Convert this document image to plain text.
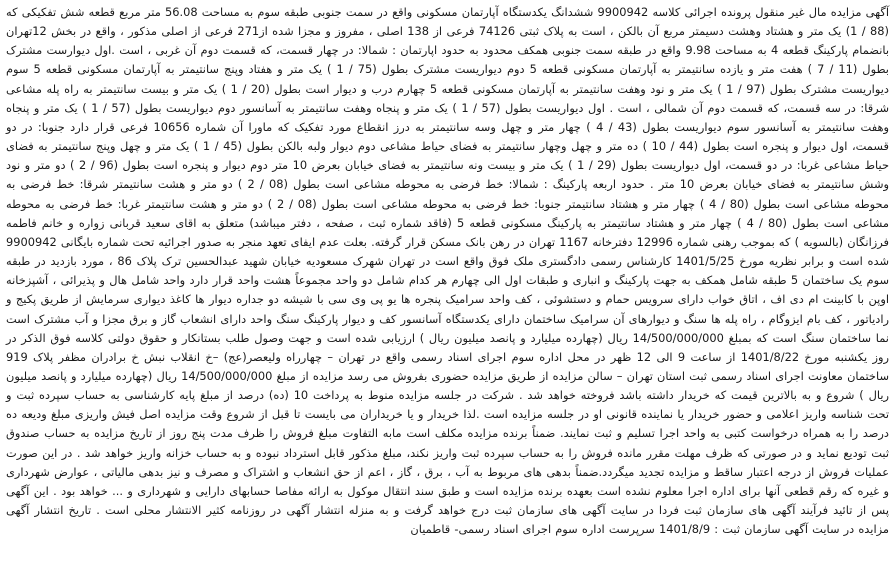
آگهی مزایده مال غیر منقول پرونده اجرائی کلاسه 9900942 ششدانگ یکدستگاه آپارتمان مسکونی واقع در سمت جنوبی طبقه سوم به مساحت 56.08 متر مربع قطعه شش تفکیکی که (88 / 1) یک متر و هشتاد وهشت دسیمتر مربع آن بالکن ، است به پلاک ثبتی 74126 فرعی از 138 اصلی ، مفروز و مجزا شده از271 فرعی از اصلی مذکور ، واقع در بخش 12تهران بانضمام پارکینگ قطعه 4 به مساحت 9.98 واقع در طبقه سمت جنوبی همکف محدود به حدود اپارتمان : شمالا: در چهار قسمت، که قسمت دوم آن غربی ، است .اول دیوارست مشترک بطول (11 / 7 ) هفت متر و یازده سانتیمتر به آپارتمان مسکونی قطعه 5 دوم دیواریست مشترک بطول (75 / 1 ) یک متر و هفتاد وپنج سانتیمتر به آپارتمان مسکونی قطعه 5 سوم دیواریست مشترک بطول (97 / 1 ) یک متر و نود وهفت سانتیمتر به آپارتمان مسکونی قطعه 5 چهارم درب و دیوار است بطول (20 / 1 ) یک متر و بیست سانتیمتر به راه پله مشاعی شرقا: در سه قسمت، که قسمت دوم آن شمالی ، است . اول دیواریست بطول (57 / 1 ) یک متر و پنجاه وهفت سانتیمتر به آسانسور دوم دیواریست بطول (57 / 1 ) یک متر و پنجاه وهفت سانتیمتر به آسانسور سوم دیواریست بطول (43 / 4 ) چهار متر و چهل وسه سانتیمتر به درز انقطاع مورد تفکیک که ماورا آن شماره 10656 فرعی قرار دارد جنوبا: در دو قسمت، اول دیوار و پنجره است بطول (44 / 10 ) ده متر و چهل وچهار سانتیمتر به فضای حیاط مشاعی دوم دیوار ولبه بالکن بطول (45 / 1 ) یک متر و چهل وپنج سانتیمتر به فضای حیاط مشاعی غربا: در دو قسمت، اول دیواریست بطول (29 / 1 ) یک متر و بیست ونه سانتیمتر به فضای خیابان بعرض 10 متر دوم دیوار و پنجره است بطول (96 / 2 ) دو متر و نود وشش سانتیمتر به فضای خیابان بعرض 10 متر . حدود اربعه پارکینگ : شمالا: خط فرضی به محوطه مشاعی است بطول (08 / 2 ) دو متر و هشت سانتیمتر شرقا: خط فرضی به محوطه مشاعی است بطول (80 / 4 ) چهار متر و هشتاد سانتیمتر جنوبا: خط فرضی به محوطه مشاعی است بطول (08 / 2 ) دو متر و هشت سانتیمتر غربا: خط فرضی به محوطه مشاعی است بطول (80 / 4 ) چهار متر و هشتاد سانتیمتر به پارکینگ مسکونی قطعه 5 (فاقد شماره ثبت ، صفحه ، دفتر میباشد) متعلق به اقای سعید قربانی زواره و خانم فاطمه فرزانگان (بالسویه ) که بموجب رهنی شماره 12996 دفترخانه 1167 تهران در رهن بانک مسکن قرار گرفته. بعلت عدم ایفای تعهد منجر به صدور اجرائیه تحت شماره بایگانی 9900942 شده است و برابر نظریه مورخ 1401/5/25 کارشناس رسمی دادگستری ملک فوق واقع است در تهران شهرک مسعودیه خیابان شهید عبدالحسین ترک پلاک 86 ، مورد بازدید در طبقه سوم یک ساختمان 5 طبقه شامل همکف به جهت پارکینگ و انباری و طبقات اول الی چهارم هر کدام شامل دو واحد مجموعاً هشت واحد قرار دارد واحد شامل هال و پذیرائی ، آشپزخانه اوپن با کابینت ام دی اف ، اتاق خواب دارای سرویس حمام و دستشوئی ، کف واحد سرامیک پنجره ها یو پی وی سی با شیشه دو جداره دیوار ها کاغذ دیواری سرمایش از طریق پکیج و رادیاتور ، کف بام ایزوگام ، راه پله ها سنگ و دیوارهای آن سرامیک ساختمان دارای یکدستگاه آسانسور کف و دیوار پارکینگ سنگ واحد دارای انشعاب گاز و برق مجزا و آب مشترک است نما ساختمان سنگ است که بمبلغ 14/500/000/000 ریال (چهارده میلیارد و پانصد میلیون ریال ) ارزیابی شده است و جهت وصول طلب بستانکار و حقوق دولتی کلاسه فوق الذکر در روز یکشنبه مورخ 1401/8/22 از ساعت 9 الی 12 ظهر در محل اداره سوم اجرای اسناد رسمی واقع در تهران – چهارراه ولیعصر(عج) –خ انقلاب نبش خ برادران مظفر پلاک 919 ساختمان معاونت اجرای اسناد رسمی ثبت استان تهران – سالن مزایده از طریق مزایده حضوری بفروش می رسد مزایده از مبلغ 14/500/000/000 ریال (چهارده میلیارد و پانصد میلیون ریال ) شروع و به بالاترین قیمت که خریدار داشته باشد فروخته خواهد شد . شرکت در جلسه مزایده منوط به پرداخت 10 (ده) درصد از مبلغ پایه کارشناسی به حساب سپرده ثبت و تحت شناسه واریز اعلامی و حضور خریدار یا نماینده قانونی او در جلسه مزایده است .لذا خریدار و یا خریداران می بایست تا قبل از شروع وقت مزایده اصل فیش واریزی مبلغ ودیعه ده درصد را به همراه درخواست کتبی به واحد اجرا تسلیم و ثبت نمایند. ضمناً برنده مزایده مکلف است مابه التفاوت مبلغ فروش را ظرف مدت پنج روز از تاریخ مزایده به حساب صندوق ثبت تودیع نماید و در صورتی که ظرف مهلت مقرر مانده فروش را به حساب سپرده ثبت واریز نکند، مبلغ مذکور قابل استرداد نبوده و به حساب خزانه واریز خواهد شد . در این صورت عملیات فروش از درجه اعتبار ساقط و مزایده تجدید میگردد.ضمناً بدهی های مربوط به آب ، برق ، گاز ، اعم از حق انشعاب و اشتراک و مصرف و نیز بدهی مالیاتی ، عوارض شهرداری و غیره که رقم قطعی آنها برای اداره اجرا معلوم نشده است بعهده برنده مزایده است و طبق سند انتقال موکول به ارائه مفاصا حسابهای دارایی و شهرداری و ... خواهد بود . این آگهی پس از تائید فرآیند آگهی های سازمان ثبت فردا در سایت آگهی های سازمان ثبت درج خواهد گرفت و به منزله انتشار آگهی در روزنامه کثیر الانتشار محلی است . تاریخ انتشار آگهی مزایده در سایت آگهی سازمان ثبت : 1401/8/9 سرپرست اداره سوم اجرای اسناد رسمی- قاطمیان
